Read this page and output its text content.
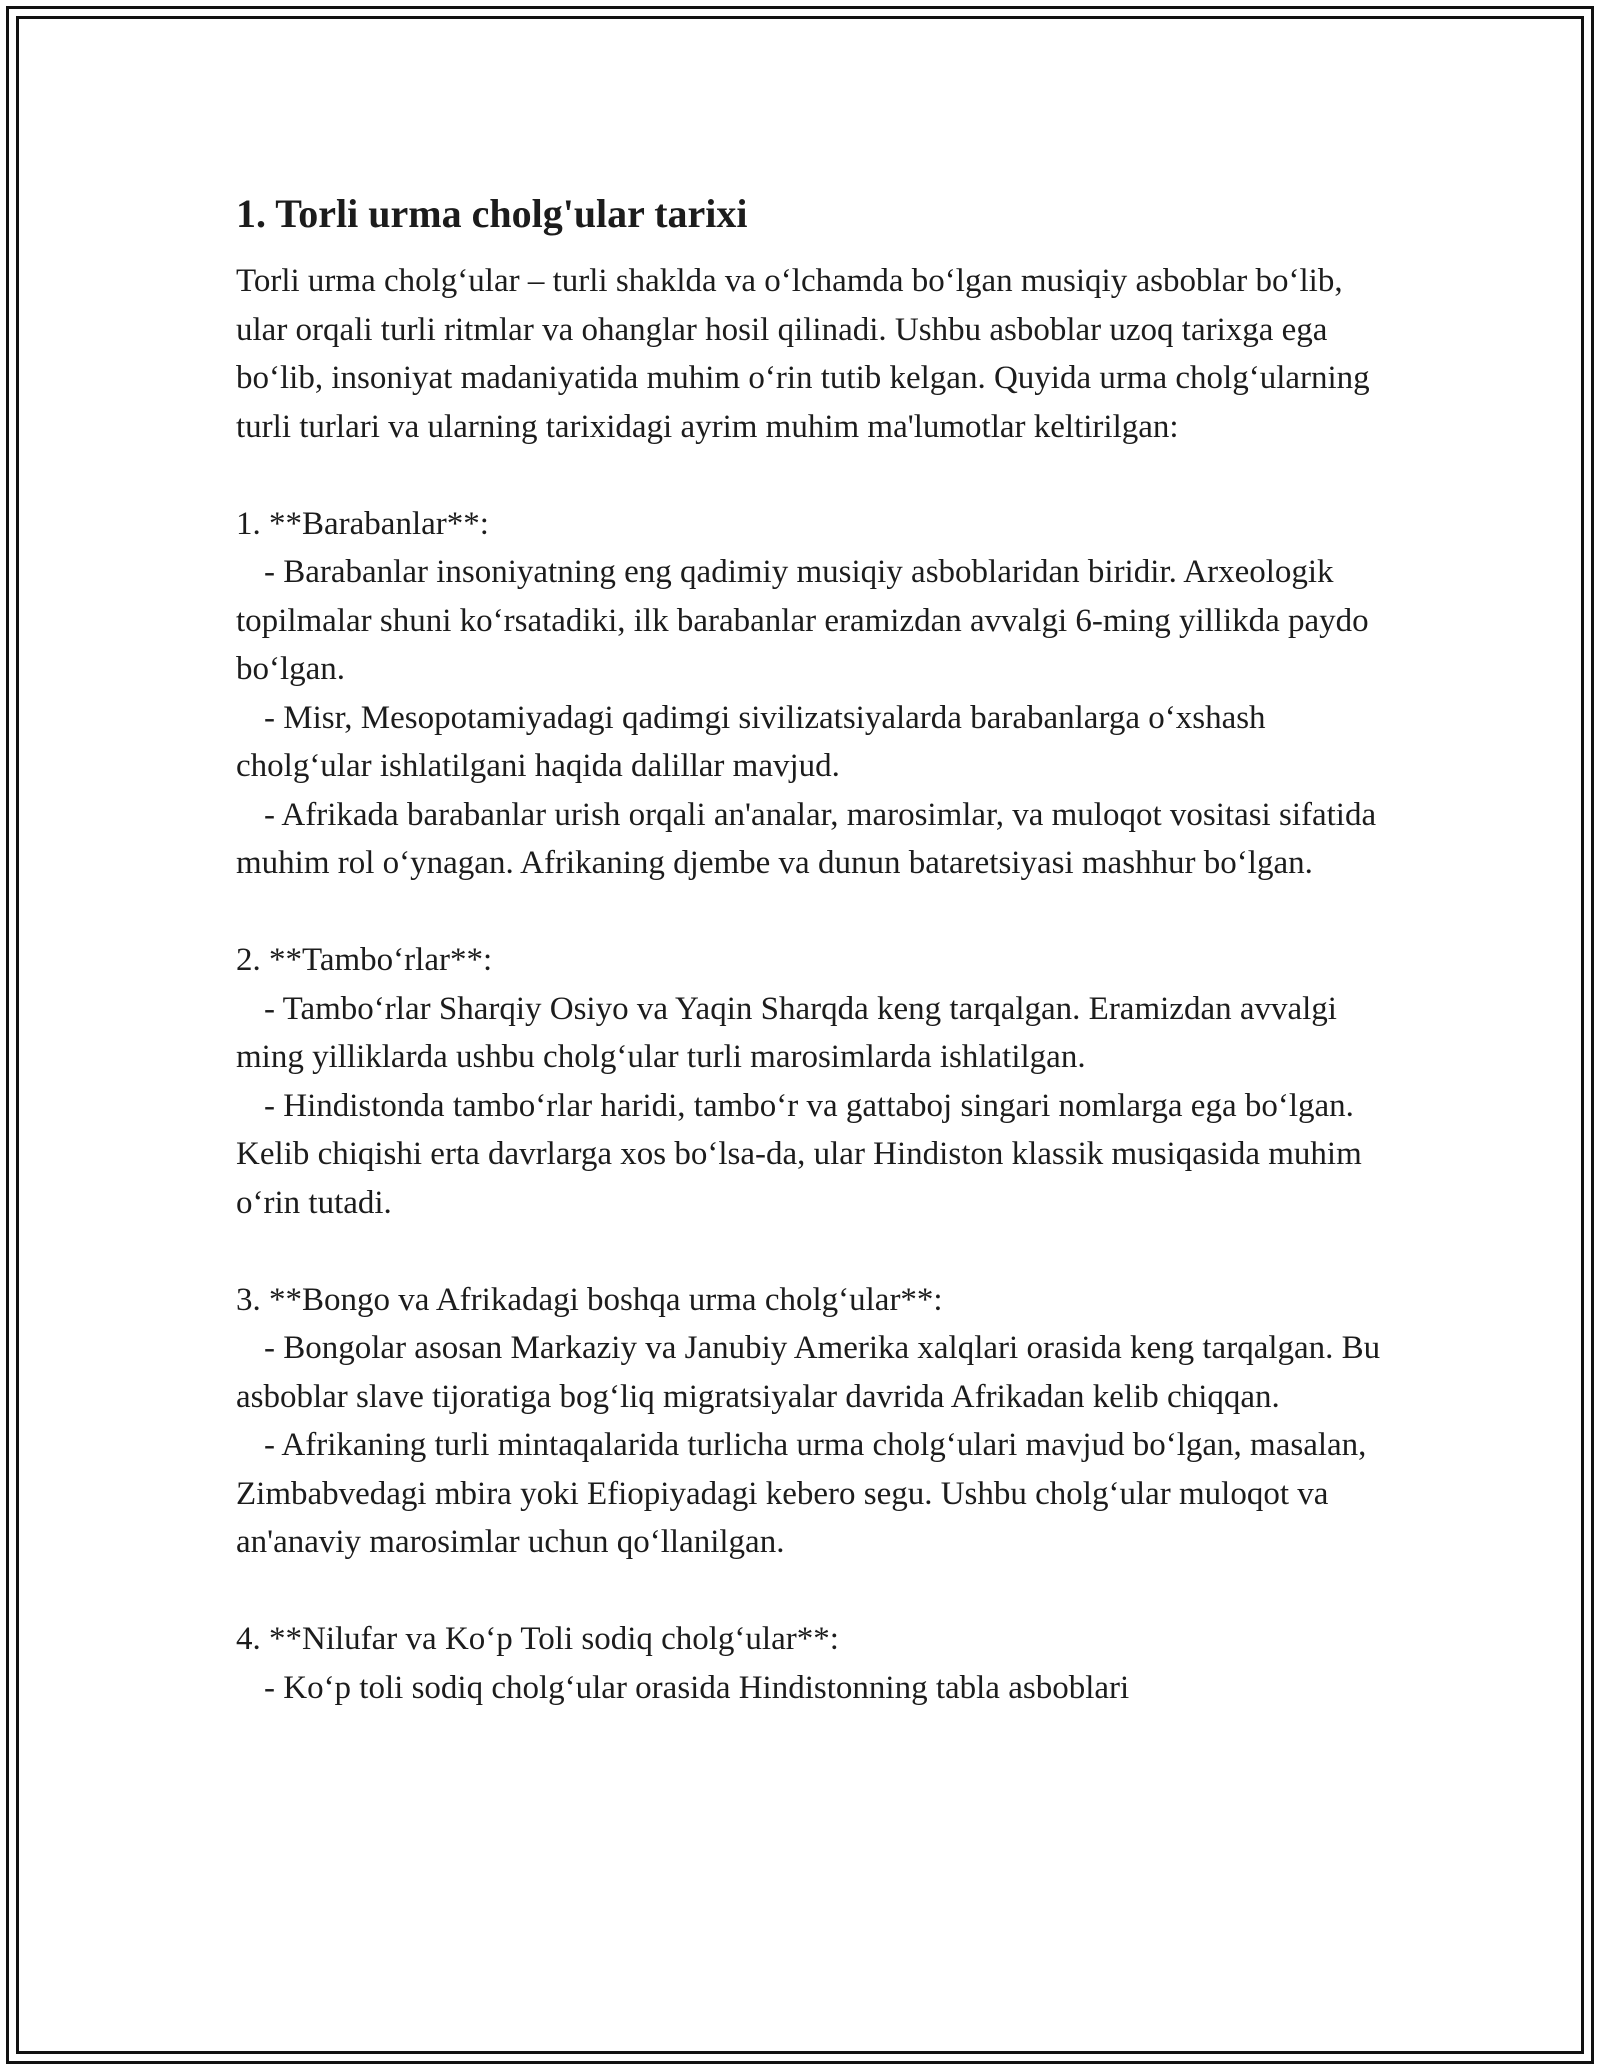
1. Torli urma cholg'ular tarixi

Torli urma cholg‘ular – turli shaklda va o‘lchamda bo‘lgan musiqiy asboblar bo‘lib, ular orqali turli ritmlar va ohanglar hosil qilinadi. Ushbu asboblar uzoq tarixga ega bo‘lib, insoniyat madaniyatida muhim o‘rin tutib kelgan. Quyida urma cholg‘ularning turli turlari va ularning tarixidagi ayrim muhim ma'lumotlar keltirilgan:

1. **Barabanlar**:

- Barabanlar insoniyatning eng qadimiy musiqiy asboblaridan biridir. Arxeologik topilmalar shuni ko‘rsatadiki, ilk barabanlar eramizdan avvalgi 6-ming yillikda paydo bo‘lgan.

- Misr, Mesopotamiyadagi qadimgi sivilizatsiyalarda barabanlarga o‘xshash cholg‘ular ishlatilgani haqida dalillar mavjud.

- Afrikada barabanlar urish orqali an'analar, marosimlar, va muloqot vositasi sifatida muhim rol o‘ynagan. Afrikaning djembe va dunun bataretsiyasi mashhur bo‘lgan.

2. **Tambo‘rlar**:

- Tambo‘rlar Sharqiy Osiyo va Yaqin Sharqda keng tarqalgan. Eramizdan avvalgi ming yilliklarda ushbu cholg‘ular turli marosimlarda ishlatilgan.

- Hindistonda tambo‘rlar haridi, tambo‘r va gattaboj singari nomlarga ega bo‘lgan. Kelib chiqishi erta davrlarga xos bo‘lsa-da, ular Hindiston klassik musiqasida muhim o‘rin tutadi.

3. **Bongo va Afrikadagi boshqa urma cholg‘ular**:

- Bongolar asosan Markaziy va Janubiy Amerika xalqlari orasida keng tarqalgan. Bu asboblar slave tijoratiga bog‘liq migratsiyalar davrida Afrikadan kelib chiqqan.

- Afrikaning turli mintaqalarida turlicha urma cholg‘ulari mavjud bo‘lgan, masalan, Zimbabvedagi mbira yoki Efiopiyadagi kebero segu. Ushbu cholg‘ular muloqot va an'anaviy marosimlar uchun qo‘llanilgan.

4. **Nilufar va Ko‘p Toli sodiq cholg‘ular**:

- Ko‘p toli sodiq cholg‘ular orasida Hindistonning tabla asboblari
